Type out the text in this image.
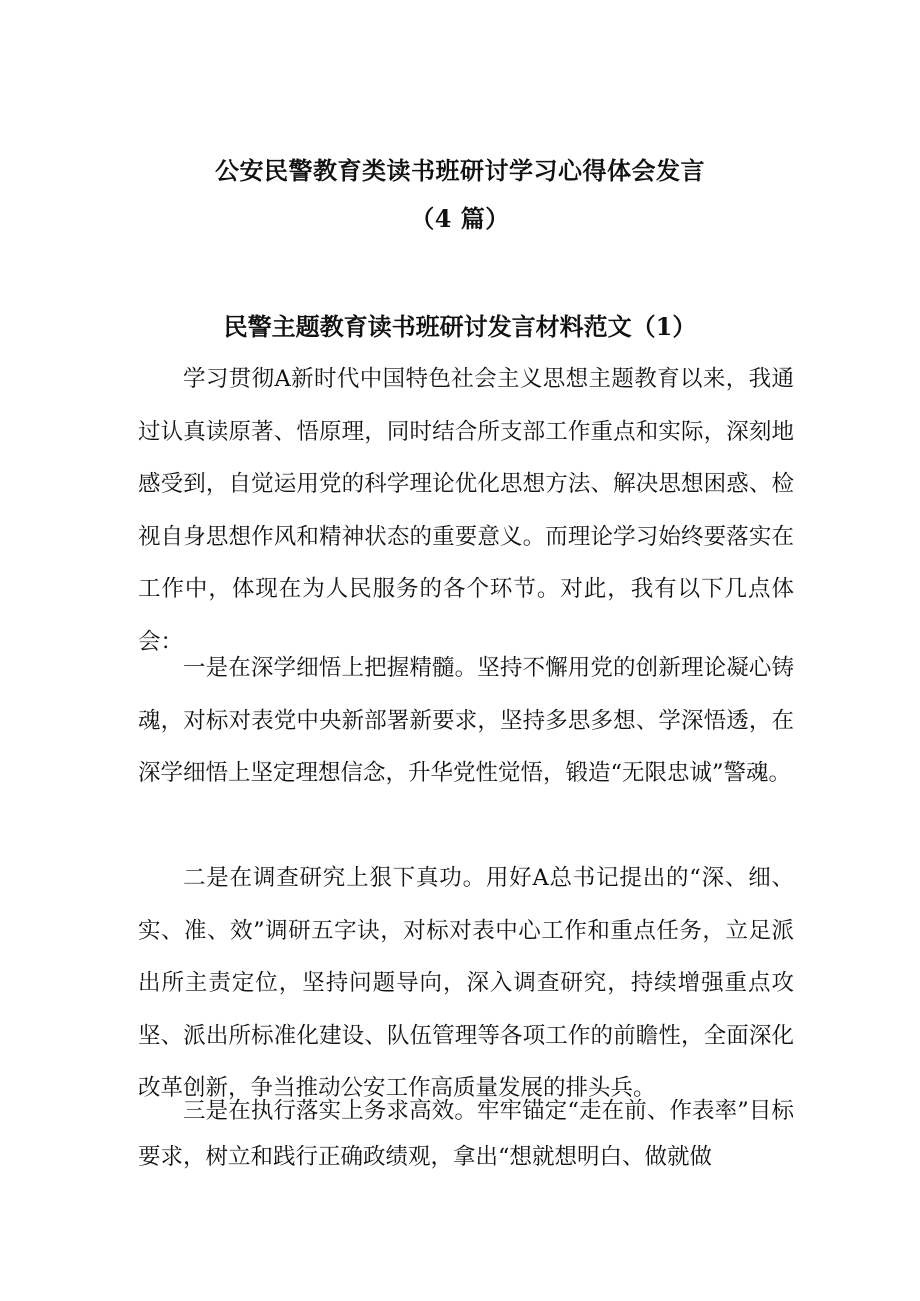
公安民警教育类读书班研讨学习心得体会发言
（4 篇）
民警主题教育读书班研讨发言材料范文（1）

学习贯彻A新时代中国特色社会主义思想主题教育以来，我通过认真读原著、悟原理，同时结合所支部工作重点和实际，深刻地感受到，自觉运用党的科学理论优化思想方法、解决思想困惑、检视自身思想作风和精神状态的重要意义。而理论学习始终要落实在工作中，体现在为人民服务的各个环节。对此，我有以下几点体会：

一是在深学细悟上把握精髓。坚持不懈用党的创新理论凝心铸魂，对标对表党中央新部署新要求，坚持多思多想、学深悟透，在深学细悟上坚定理想信念，升华党性觉悟，锻造“无限忠诚”警魂。

二是在调查研究上狠下真功。用好A总书记提出的“深、细、实、准、效”调研五字诀，对标对表中心工作和重点任务，立足派出所主责定位，坚持问题导向，深入调查研究，持续增强重点攻坚、派出所标准化建设、队伍管理等各项工作的前瞻性，全面深化改革创新，争当推动公安工作高质量发展的排头兵。

三是在执行落实上务求高效。牢牢锚定“走在前、作表率”目标要求，树立和践行正确政绩观，拿出“想就想明白、做就做
